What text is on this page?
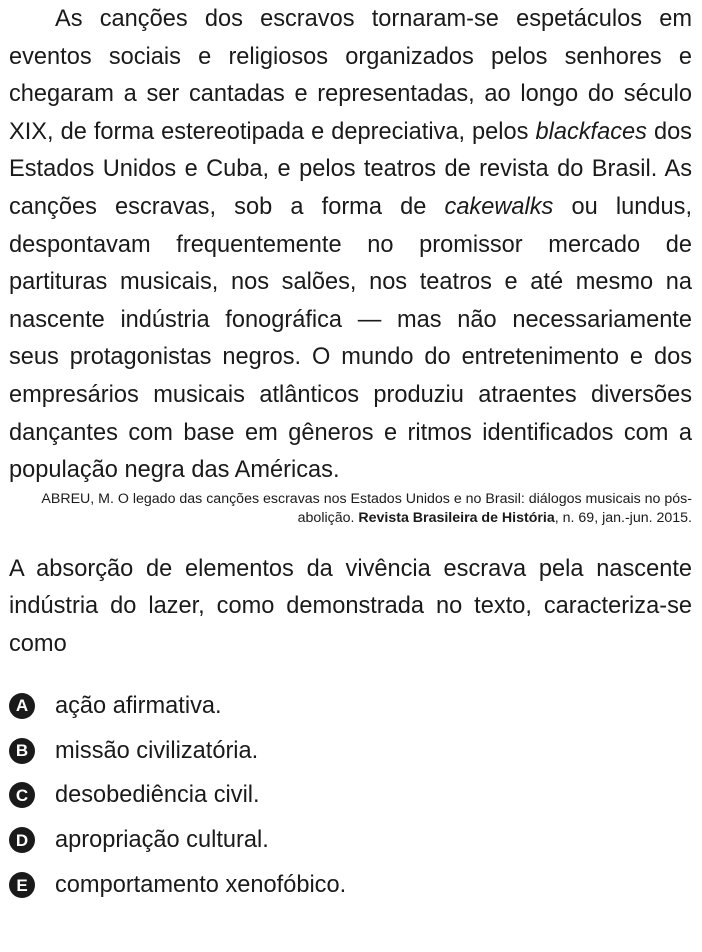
As canções dos escravos tornaram-se espetáculos em eventos sociais e religiosos organizados pelos senhores e chegaram a ser cantadas e representadas, ao longo do século XIX, de forma estereotipada e depreciativa, pelos blackfaces dos Estados Unidos e Cuba, e pelos teatros de revista do Brasil. As canções escravas, sob a forma de cakewalks ou lundus, despontavam frequentemente no promissor mercado de partituras musicais, nos salões, nos teatros e até mesmo na nascente indústria fonográfica — mas não necessariamente seus protagonistas negros. O mundo do entretenimento e dos empresários musicais atlânticos produziu atraentes diversões dançantes com base em gêneros e ritmos identificados com a população negra das Américas.

ABREU, M. O legado das canções escravas nos Estados Unidos e no Brasil: diálogos musicais no pós-abolição. Revista Brasileira de História, n. 69, jan.-jun. 2015.

A absorção de elementos da vivência escrava pela nascente indústria do lazer, como demonstrada no texto, caracteriza-se como

A ação afirmativa.
B missão civilizatória.
C desobediência civil.
D apropriação cultural.
E	comportamento xenofóbico.
